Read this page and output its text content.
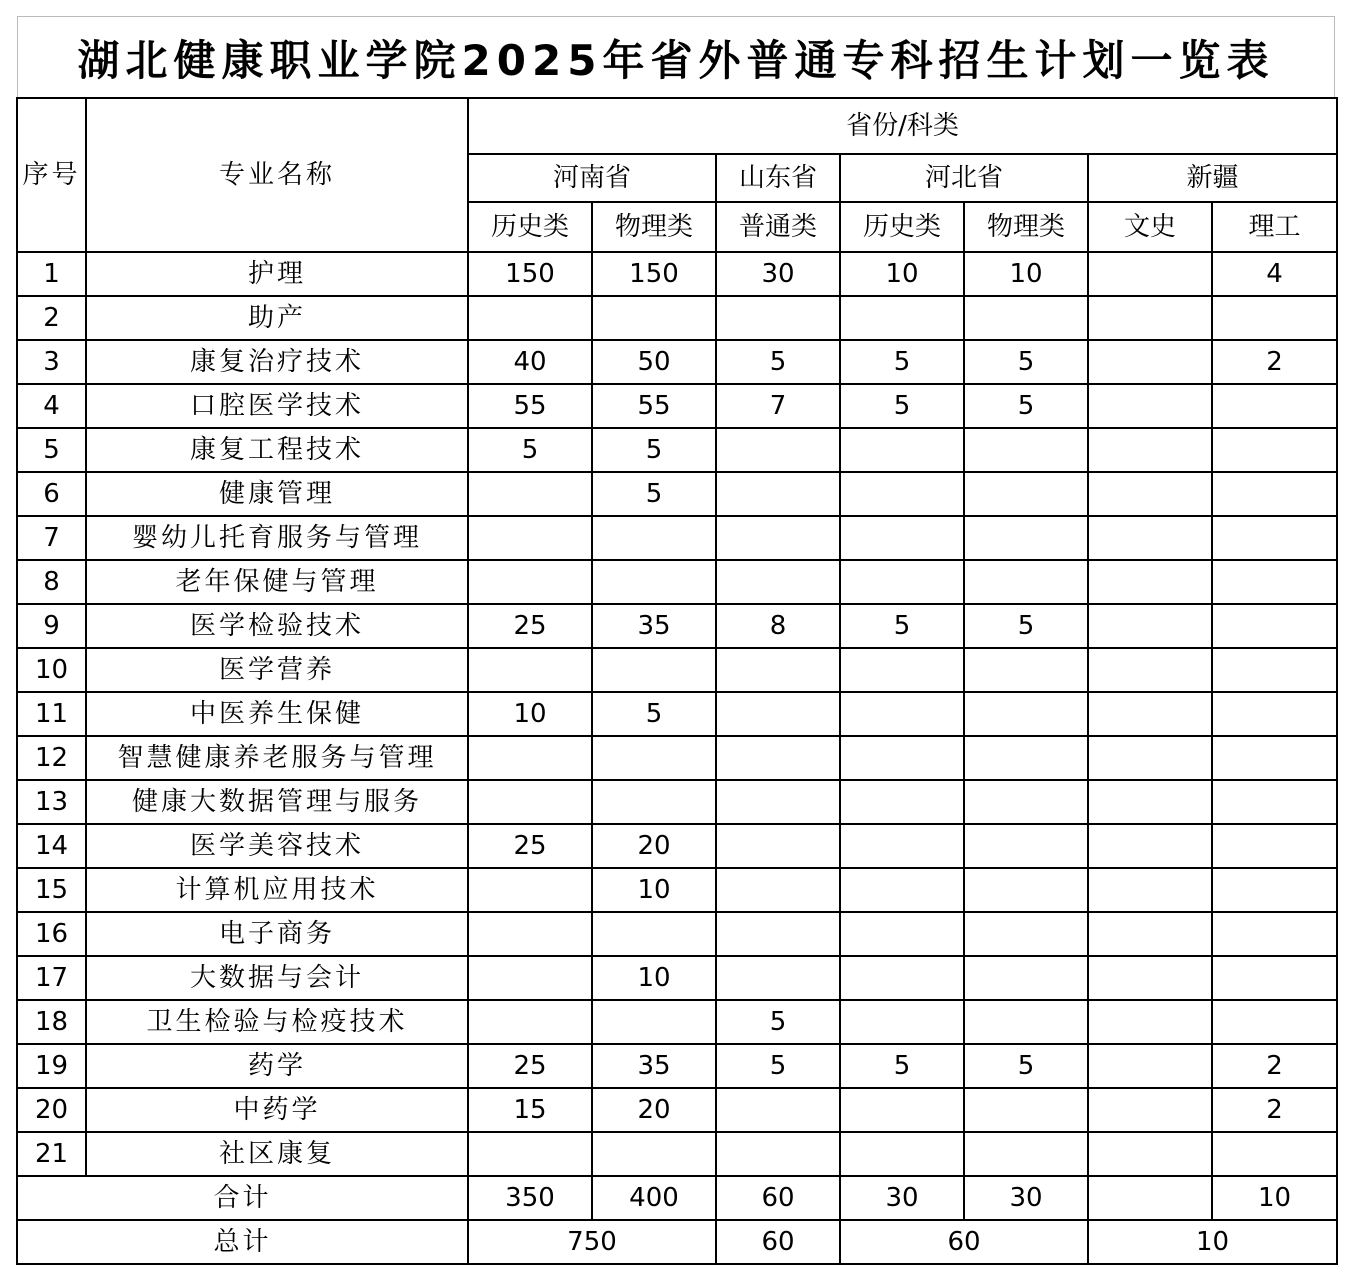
湖北健康职业学院2025年省外普通专科招生计划一览表
序号	专业名称	省份/科类						
		河南省		山东省	河北省		新疆	
		历史类	物理类	普通类	历史类	物理类	文史	理工
1	护理	150	150	30	10	10		4
2	助产							
3	康复治疗技术	40	50	5	5	5		2
4	口腔医学技术	55	55	7	5	5		
5	康复工程技术	5	5					
6	健康管理		5					
7	婴幼儿托育服务与管理							
8	老年保健与管理							
9	医学检验技术	25	35	8	5	5		
10	医学营养							
11	中医养生保健	10	5					
12	智慧健康养老服务与管理							
13	健康大数据管理与服务							
14	医学美容技术	25	20					
15	计算机应用技术		10					
16	电子商务							
17	大数据与会计		10					
18	卫生检验与检疫技术			5				
19	药学	25	35	5	5	5		2
20	中药学	15	20					2
21	社区康复							
合计		350	400	60	30	30		10
总计		750		60	60		10	
